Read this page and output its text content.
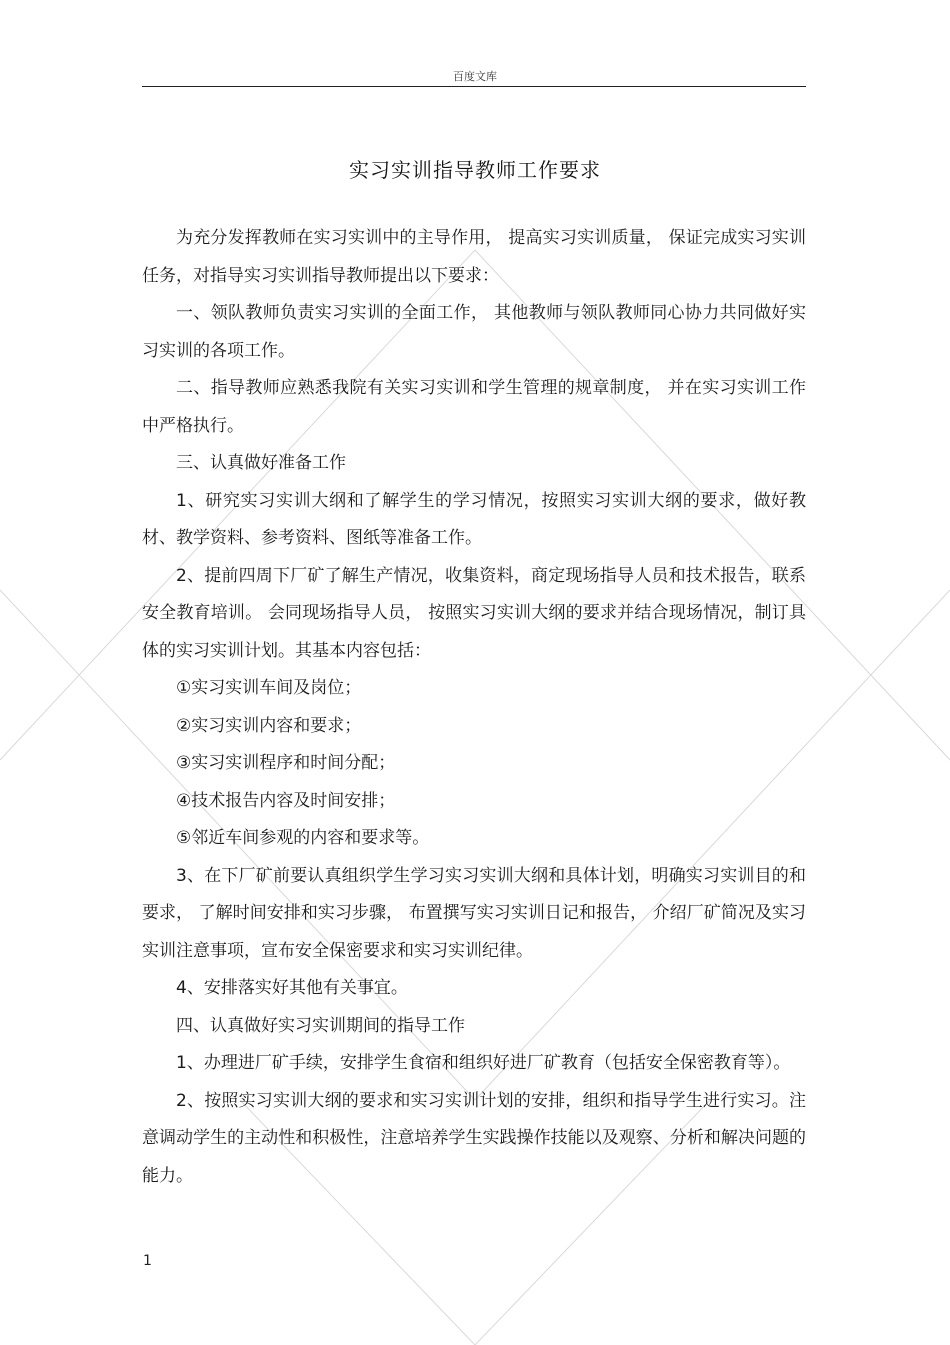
百度文库
实习实训指导教师工作要求

为充分发挥教师在实习实训中的主导作用， 提高实习实训质量， 保证完成实习实训任务，对指导实习实训指导教师提出以下要求：

一、领队教师负责实习实训的全面工作， 其他教师与领队教师同心协力共同做好实习实训的各项工作。

二、指导教师应熟悉我院有关实习实训和学生管理的规章制度， 并在实习实训工作中严格执行。

三、认真做好准备工作

1、研究实习实训大纲和了解学生的学习情况，按照实习实训大纲的要求，做好教材、教学资料、参考资料、图纸等准备工作。

2、提前四周下厂矿了解生产情况，收集资料，商定现场指导人员和技术报告，联系安全教育培训。 会同现场指导人员， 按照实习实训大纲的要求并结合现场情况，制订具体的实习实训计划。其基本内容包括：

①实习实训车间及岗位；

②实习实训内容和要求；

③实习实训程序和时间分配；

④技术报告内容及时间安排；

⑤邻近车间参观的内容和要求等。

3、在下厂矿前要认真组织学生学习实习实训大纲和具体计划，明确实习实训目的和要求， 了解时间安排和实习步骤， 布置撰写实习实训日记和报告， 介绍厂矿简况及实习实训注意事项，宣布安全保密要求和实习实训纪律。

4、安排落实好其他有关事宜。

四、认真做好实习实训期间的指导工作

1、办理进厂矿手续，安排学生食宿和组织好进厂矿教育（包括安全保密教育等）。

2、按照实习实训大纲的要求和实习实训计划的安排，组织和指导学生进行实习。注意调动学生的主动性和积极性，注意培养学生实践操作技能以及观察、分析和解决问题的能力。

1
